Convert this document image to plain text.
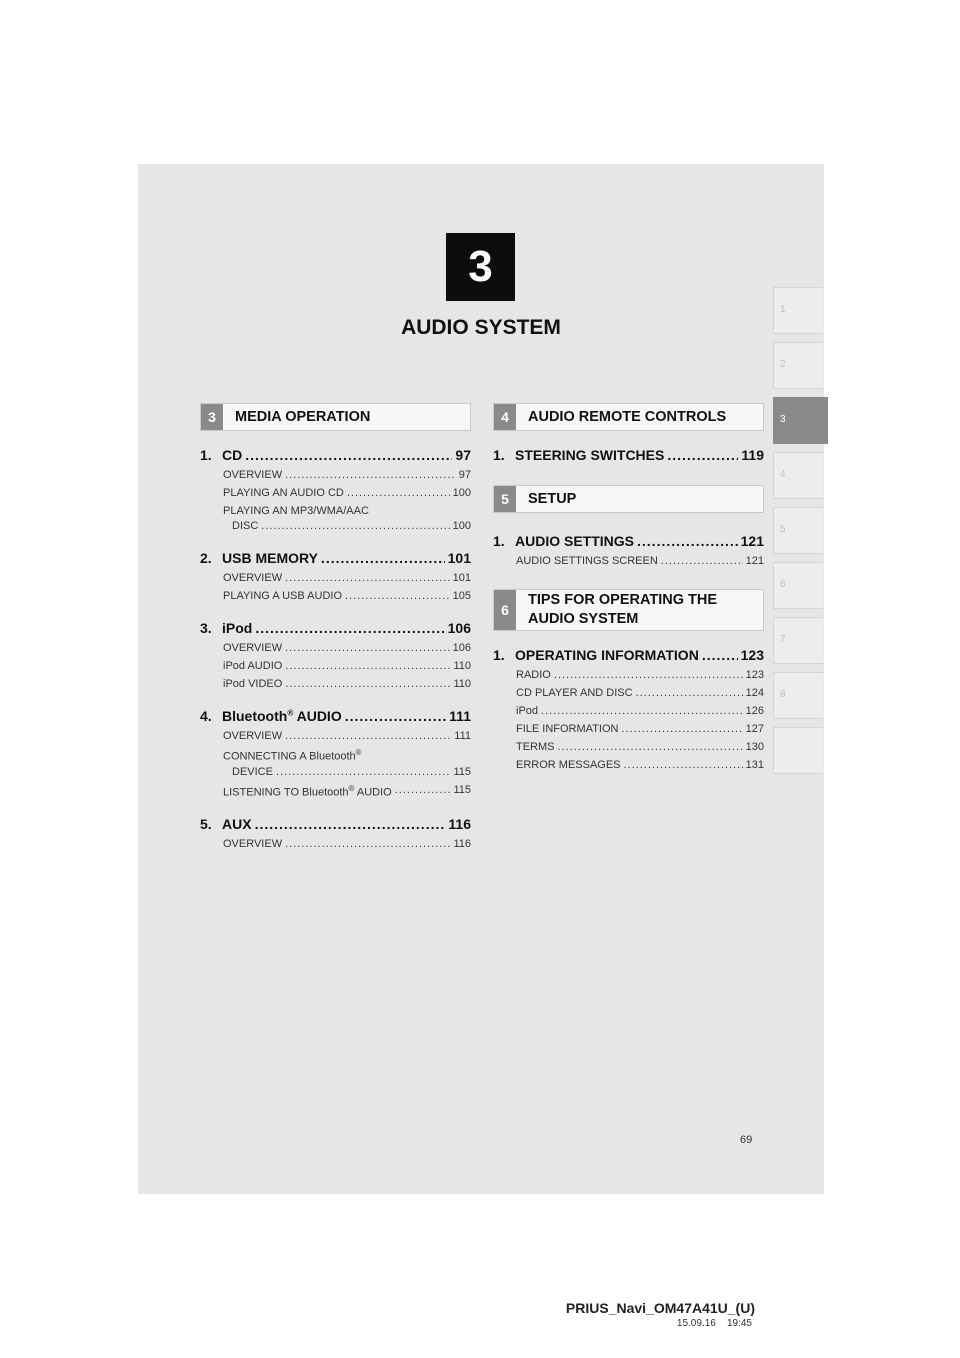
3
AUDIO SYSTEM
1
2
3
4
5
6
7
8
3	MEDIA OPERATION
1. CD .....	97
OVERVIEW .....	97
PLAYING AN AUDIO CD .....	100
PLAYING AN MP3/WMA/AAC
DISC .....	100
2. USB MEMORY .....	101
OVERVIEW .....	101
PLAYING A USB AUDIO .....	105
3. iPod .....	106
OVERVIEW .....	106
iPod AUDIO .....	110
iPod VIDEO .....	110
4. Bluetooth® AUDIO .....	111
OVERVIEW .....	111
CONNECTING A Bluetooth®
DEVICE .....	115
LISTENING TO Bluetooth® AUDIO .....	115
5. AUX .....	116
OVERVIEW .....	116
4	AUDIO REMOTE CONTROLS
1. STEERING SWITCHES .....	119
5	SETUP
1. AUDIO SETTINGS .....	121
AUDIO SETTINGS SCREEN .....	121
6
TIPS FOR OPERATING THE
AUDIO SYSTEM
1. OPERATING INFORMATION .....	123
RADIO .....	123
CD PLAYER AND DISC .....	124
iPod .....	126
FILE INFORMATION .....	127
TERMS .....	130
ERROR MESSAGES .....	131
69
PRIUS_Navi_OM47A41U_(U)
15.09.16 19:45
